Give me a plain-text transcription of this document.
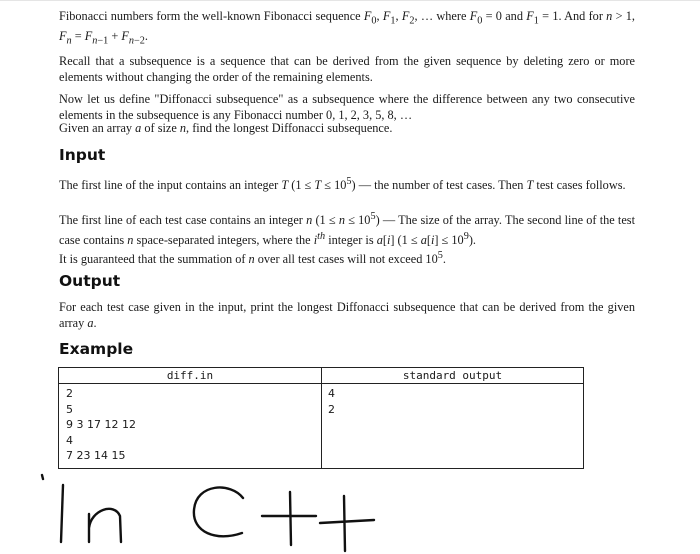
Fibonacci numbers form the well-known Fibonacci sequence $F_0$, $F_1$, $F_2$, … where $F_0 = 0$ and $F_1 = 1$. And for n > 1, $F_n = F_{n-1} + F_{n-2}$.

Recall that a subsequence is a sequence that can be derived from the given sequence by deleting zero or more elements without changing the order of the remaining elements.

Now let us define "Diffonacci subsequence" as a subsequence where the difference between any two consecutive elements in the subsequence is any Fibonacci number 0, 1, 2, 3, 5, 8, …

Given an array a of size n, find the longest Diffonacci subsequence.

Input

The first line of the input contains an integer T $(1 \le T \le 10^5)$ — the number of test cases. Then T test cases follows.

The first line of each test case contains an integer n $(1 \le n \le 10^5)$ — The size of the array. The second line of the test case contains n space-separated integers, where the $i^{th}$ integer is a[i] $(1 \le a[i] \le 10^9)$.

It is guaranteed that the summation of n over all test cases will not exceed $10^5$.

Output

For each test case given in the input, print the longest Diffonacci subsequence that can be derived from the given array a.

Example
diff.in	standard output
2
5
9 3 17 12 12
4
7 23 14 15
4
2
